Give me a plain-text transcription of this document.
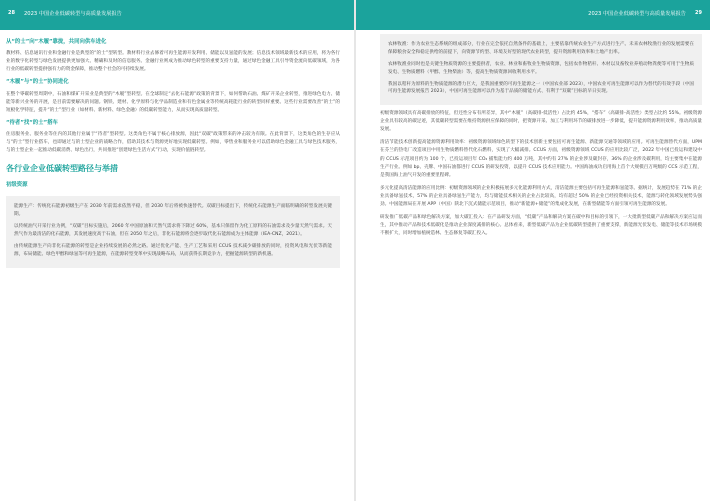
28 2023 中国企业低碳转型与高质量发展报告	2023 中国企业低碳转型与高质量发展报告 29
从“的士”向“木履”靠拢，共同向供车进化

教材料、信息通讯行业和金融行业是典型的“的士”型转型。教材料行业去修着可再生能源开发利用、储能以及氢能的发展；信息技术领域最新技术的应用，将为各行业的数字化转型与绿色发展提供更加强大、精确和及时的信息服务。金融行业则成为推动绿色转型的重要支持力量，通过绿色金融工具引导资金流向低碳领域，为各行业的低碳转型提供强有力的资金保障，推动整个社会的可持续发展。

“木履”与“的士”协同进化

在整个零碳转型周期中，石油和煤矿开采业是典型的“木履”型转型。在全球制定“去化石能源”政策的背景下，如何帮助石油、煤矿开采企业转型，推进绿色电力、储能等新兴业务的开展，是目前需要解决的问题。钢铁、建材、化学原料与化学品制造业和有色金属业等传统高耗能行业的转型同样重要。这些行业需要改善“的士”的短板化学特征，提升“的士”型行业（如材料、新材料、绿色金融）的低碳转型能力，从而实现高质量转型。

“待者”找“的士”搭车

住房服务业、服务业等住内的其他行业属于“待者”型转型。这类角色不属于核心排放源，因此“双碳”政策带来的冲击较为有限。在此背景下，这类角色的生存应从与“的士”型行业搭车，也即通过与的士型企业的战略合作，借助其技术与资源更好地实现低碳转型。例如，零售业和服务业可以借助绿色金融工具与绿色技术服务，与的士型企业一起推动低碳消费、绿色出行，共同推进“创建绿色生活方式”行动，实现价值链转型。

各行业企业低碳转型路径与举措
初级资源

能源生产：传统化石能源初级生产在 2030 年前需求依然平稳，但 2030 年后将被快速替代。双碳目标提出下，传统化石能源生产面临明确的转型发展关键期。

以传统油气开采行业为例，“双碳”目标实施后，2060 年中国原油和天然气需求将下降过 60%，基本只保留作为化工原料的石油需求及少量天然气需求。天然气作为最清洁的化石能源，其发展速度高于石油，但在 2050 年之后，非化石能源将会逐步取代化石能源成为主体能源（IEA-CNZ，2021）。

由传统能源生产向非化石能源的转型是企业持续发展的必然之路。通过优化产能、生产工艺和采用 CCUS 技术减少碳排放的同时，投资风电和光伏等新能源，布局储能、绿色甲醇和绿氢等可再生能源，在能源转型变革中实现战略布局，从而获得长期竞争力，把握能源转型的新机遇。

农林牧渔：作为农业生态系统的组成部分，行业在完全依托自然条件的基础上，主要依靠传统农业生产方式进行生产。未来农林牧渔行业的发展需要在保障粮食安全和稳定供给的前提下，向资源节约型、环境友好型的现代农业转型，提升资源利用效率和土地产出率。

农林牧渔业同时也是关键生物质资源的主要提供者，农业、林业和畜牧业生物质资源，包括农作物秸秆、木材以及畜牧业养殖动物粪便等可用于生物质发电、生物质燃料（甲醇、生物柴油）等，提高生物质资源回收利用水平。

我国以秸秆为原料的生物质能源的潜力巨大，是我国重要的可再生能源之一（中国农业部 2023），中国农业可再生能源可以作为替代的有效手段（中国可再生能源发展报告 2023），中国可再生能源可以作为基于品质的储能方式、有利于“双碳”目标的早日实现。

初级资源领域具有高碳排放的特征，但还性分布有所差异，其中“木履”（高碳排-低活性）占比约 45%，“搭车”（高碳排-高活性）类型占比约 55%。初级资源企业具有较高的碳足迹，其低碳转型需要在维持资源供应保障的同时，把资源开采、加工与利用环节的碳排放进一步降低，提升能源资源利用效率，推动高质量发展。

清洁节能技术创新提高能源资源利用效率：初级资源领域绿色转型下的技术创新主要包括可再生能源、新能源交通等领域的应用。可再生能源替代方面，UPM 在芬兰的热电厂改造项目中用生物质燃料替代化石燃料，实现了大幅减排。CCUS 方面，初级资源领域 CCUS 的应用比较广泛，2022 年中国已投运和建设中的 CCUS 示范项目约为 100 个，已投运项目年 CO₂ 捕集能力约 400 万吨，其中约有 27% 的企业涉及碳封存，36% 的企业涉及碳利用，均主要集中在能源生产行业。例如 bp、壳牌、中国石油都进行 CCUS 的研发投资，以提升 CCUS 技术应用能力。中国海油成功启用海上首个大规模百万吨级的 CCS 示范工程，是我国海上油气开发的重要里程碑。

多元化提高清洁能源的应用比例：初级资源领域的企业积极拓展多元化能源利用方式，清洁能源主要包括可再生能源和氢能等。据统计，发展趋势在 71% 的企业具备绿氢技术，57% 的企业具备绿氢生产能力，均与储能技术相关的企业占比较高，均有超过 50% 的企业已经投资相关技术，能源与转化领域发展势头强劲。中国能源局在开展 APP（中国）陕北下沉式储能示范项目，推动“新能源+储能”的集成化发展，在新型储能等方面引领可再生能源的发展。

研发推广低碳产品和绿色解决方案，加大碳汇投入：在产品研发方面，“低碳”产品和解决方案在碳中和目标的引领下，一大批新型低碳产品和解决方案应运而生，其中推动产品和技术低碳化是推动企业深度减排的核心。总体看来，新型低碳产品为企业低碳转型提供了重要支撑，新能源光伏发电、储能等技术市场规模不断扩大，同时增加植树造林、生态修复等碳汇投入。
